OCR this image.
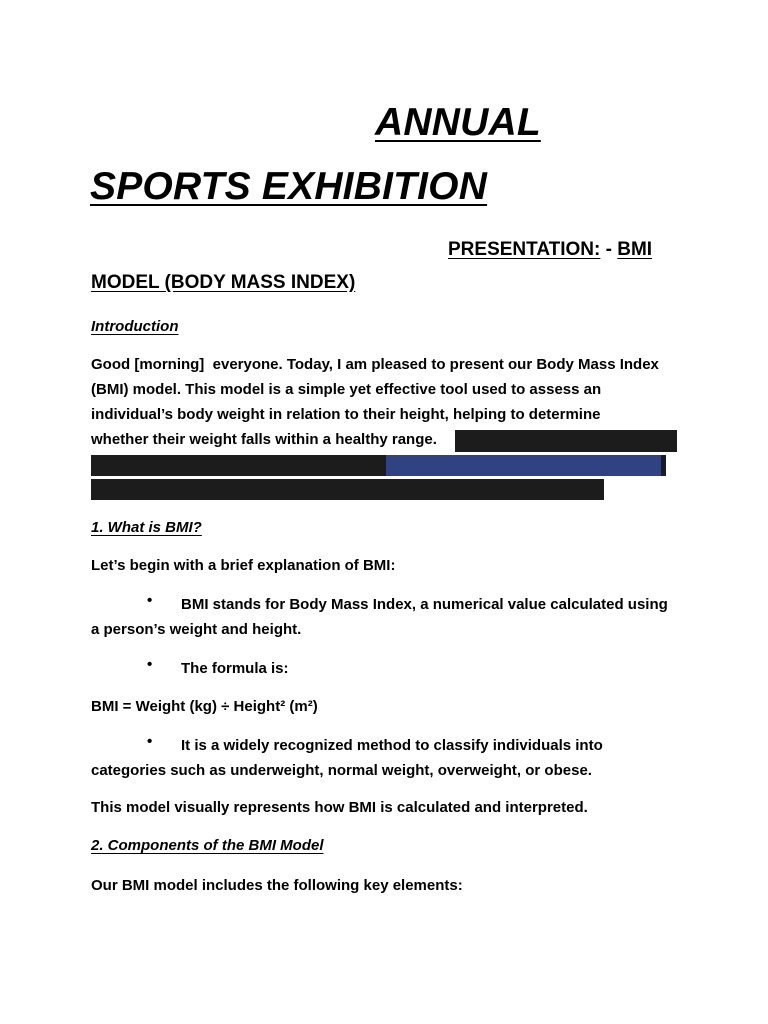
ANNUAL
SPORTS EXHIBITION
PRESENTATION: - BMI
MODEL (BODY MASS INDEX)
Introduction
Good [morning]  everyone. Today, I am pleased to present our Body Mass Index
(BMI) model. This model is a simple yet effective tool used to assess an
individual’s body weight in relation to their height, helping to determine
whether their weight falls within a healthy range.
1. What is BMI?
Let’s begin with a brief explanation of BMI:
• BMI stands for Body Mass Index, a numerical value calculated using
a person’s weight and height.
• The formula is:
BMI = Weight (kg) ÷ Height² (m²)
• It is a widely recognized method to classify individuals into
categories such as underweight, normal weight, overweight, or obese.
This model visually represents how BMI is calculated and interpreted.
2. Components of the BMI Model
Our BMI model includes the following key elements:
